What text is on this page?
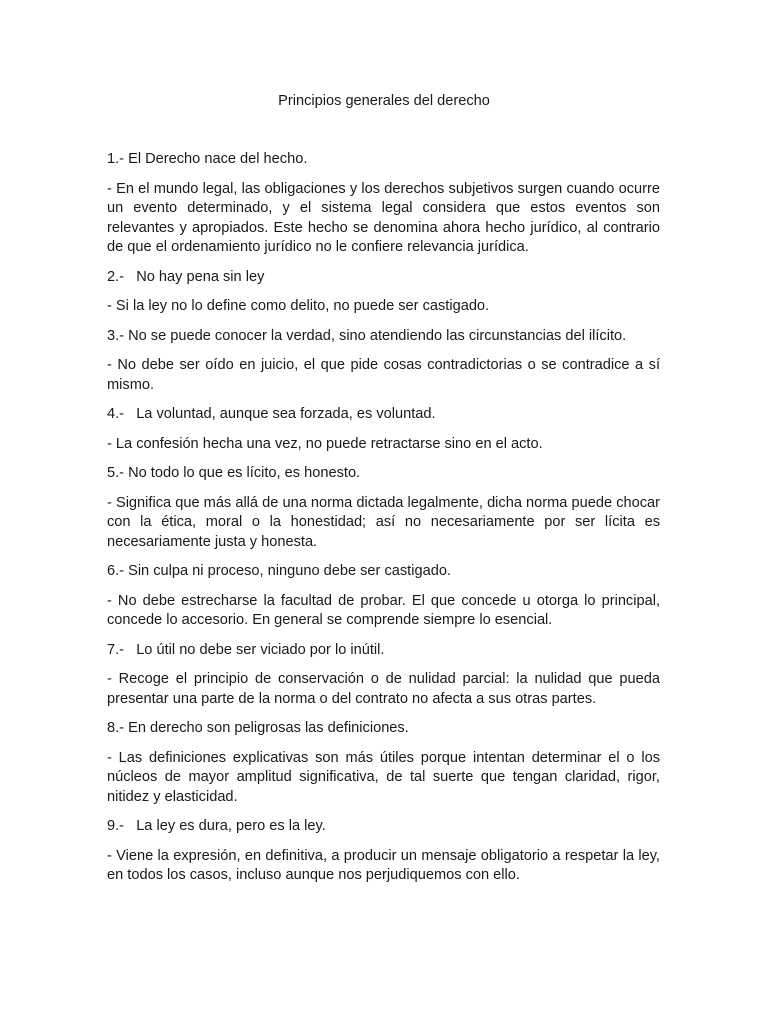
Principios generales del derecho

1.- El Derecho nace del hecho.

- En el mundo legal, las obligaciones y los derechos subjetivos surgen cuando ocurre un evento determinado, y el sistema legal considera que estos eventos son relevantes y apropiados. Este hecho se denomina ahora hecho jurídico, al contrario de que el ordenamiento jurídico no le confiere relevancia jurídica.

2.-   No hay pena sin ley

- Si la ley no lo define como delito, no puede ser castigado.

3.- No se puede conocer la verdad, sino atendiendo las circunstancias del ilícito.

- No debe ser oído en juicio, el que pide cosas contradictorias o se contradice a sí mismo.

4.-   La voluntad, aunque sea forzada, es voluntad.

- La confesión hecha una vez, no puede retractarse sino en el acto.

5.- No todo lo que es lícito, es honesto.

- Significa que más allá de una norma dictada legalmente, dicha norma puede chocar con la ética, moral o la honestidad; así no necesariamente por ser lícita es necesariamente justa y honesta.

6.- Sin culpa ni proceso, ninguno debe ser castigado.

- No debe estrecharse la facultad de probar. El que concede u otorga lo principal, concede lo accesorio. En general se comprende siempre lo esencial.

7.-   Lo útil no debe ser viciado por lo inútil.

- Recoge el principio de conservación o de nulidad parcial: la nulidad que pueda presentar una parte de la norma o del contrato no afecta a sus otras partes.

8.- En derecho son peligrosas las definiciones.

- Las definiciones explicativas son más útiles porque intentan determinar el o los núcleos de mayor amplitud significativa, de tal suerte que tengan claridad, rigor, nitidez y elasticidad.

9.-   La ley es dura, pero es la ley.

- Viene la expresión, en definitiva, a producir un mensaje obligatorio a respetar la ley, en todos los casos, incluso aunque nos perjudiquemos con ello.
